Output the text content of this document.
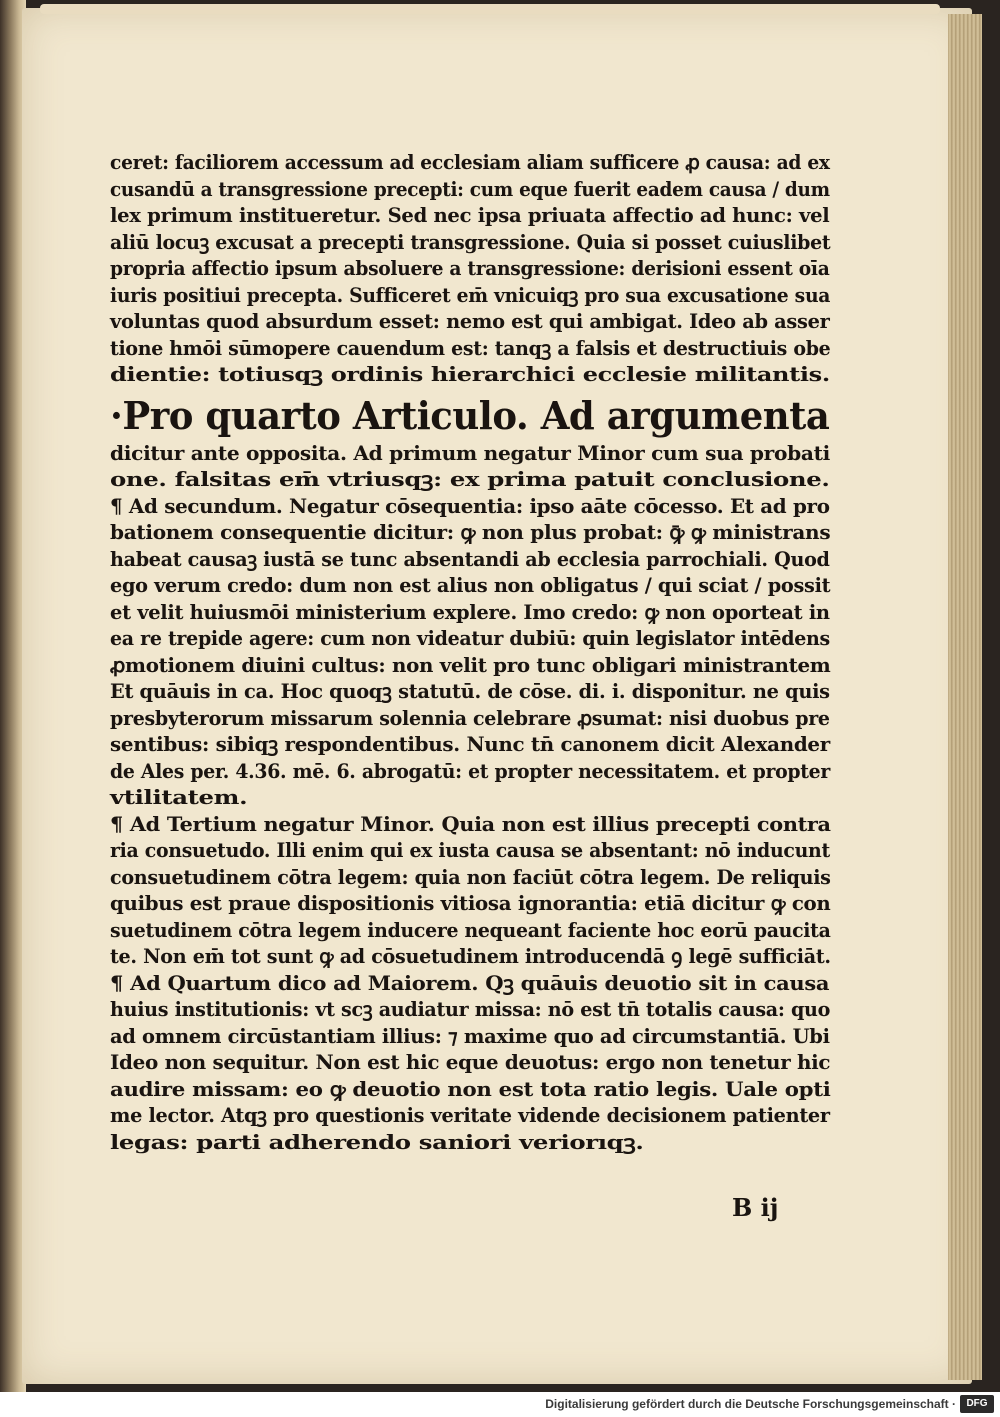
ceret: faciliorem accessum ad ecclesiam aliam sufficere ꝓ causa: ad ex
cusandū a transgressione precepti: cum eque fuerit eadem causa / dum
lex primum institueretur. Sed nec ipsa priuata affectio ad hunc: vel
aliū locuꝫ excusat a precepti transgressione. Quia si posset cuiuslibet
propria affectio ipsum absoluere a transgressione: derisioni essent oīa
iuris positiui precepta. Sufficeret em̄ vnicuiqꝫ pro sua excusatione sua
voluntas quod absurdum esset: nemo est qui ambigat. Ideo ab asser
tione hmōi sūmopere cauendum est: tanqꝫ a falsis et destructiuis obe
dientie: totiusqꝫ ordinis hierarchici ecclesie militantis.
·Pro quarto Articulo. Ad argumenta
dicitur ante opposita. Ad primum negatur Minor cum sua probati
one. falsitas em̄ vtriusqꝫ: ex prima patuit conclusione.
¶ Ad secundum. Negatur cōsequentia: ipso aāte cōcesso. Et ad pro
bationem consequentie dicitur: ꝙ non plus probat: ꝙ̄ ꝙ ministrans
habeat causaꝫ iustā se tunc absentandi ab ecclesia parrochiali. Quod
ego verum credo: dum non est alius non obligatus / qui sciat / possit
et velit huiusmōi ministerium explere. Imo credo: ꝙ non oporteat in
ea re trepide agere: cum non videatur dubiū: quin legislator intēdens
ꝓmotionem diuini cultus: non velit pro tunc obligari ministrantem
Et quāuis in ca. Hoc quoqꝫ statutū. de cōse. di. i. disponitur. ne quis
presbyterorum missarum solennia celebrare ꝓsumat: nisi duobus pre
sentibus: sibiqꝫ respondentibus. Nunc tn̄ canonem dicit Alexander
de Ales per. 4.36. mē. 6. abrogatū: et propter necessitatem. et propter
vtilitatem.
¶ Ad Tertium negatur Minor. Quia non est illius precepti contra
ria consuetudo. Illi enim qui ex iusta causa se absentant: nō inducunt
consuetudinem cōtra legem: quia non faciūt cōtra legem. De reliquis
quibus est praue dispositionis vitiosa ignorantia: etiā dicitur ꝙ con
suetudinem cōtra legem inducere nequeant faciente hoc eorū paucita
te. Non em̄ tot sunt ꝙ ad cōsuetudinem introducendā ꝯ legē sufficiāt.
¶ Ad Quartum dico ad Maiorem. Qꝫ quāuis deuotio sit in causa
huius institutionis: vt scꝫ audiatur missa: nō est tn̄ totalis causa: quo
ad omnem circūstantiam illius: ⁊ maxime quo ad circumstantiā. Ubi
Ideo non sequitur. Non est hic eque deuotus: ergo non tenetur hic
audire missam: eo ꝙ deuotio non est tota ratio legis. Uale opti
me lector. Atqꝫ pro questionis veritate vidende decisionem patienter
legas: parti adherendo saniori veriorıqꝫ.
B ij
Digitalisierung gefördert durch die Deutsche Forschungsgemeinschaft ·	DFG
